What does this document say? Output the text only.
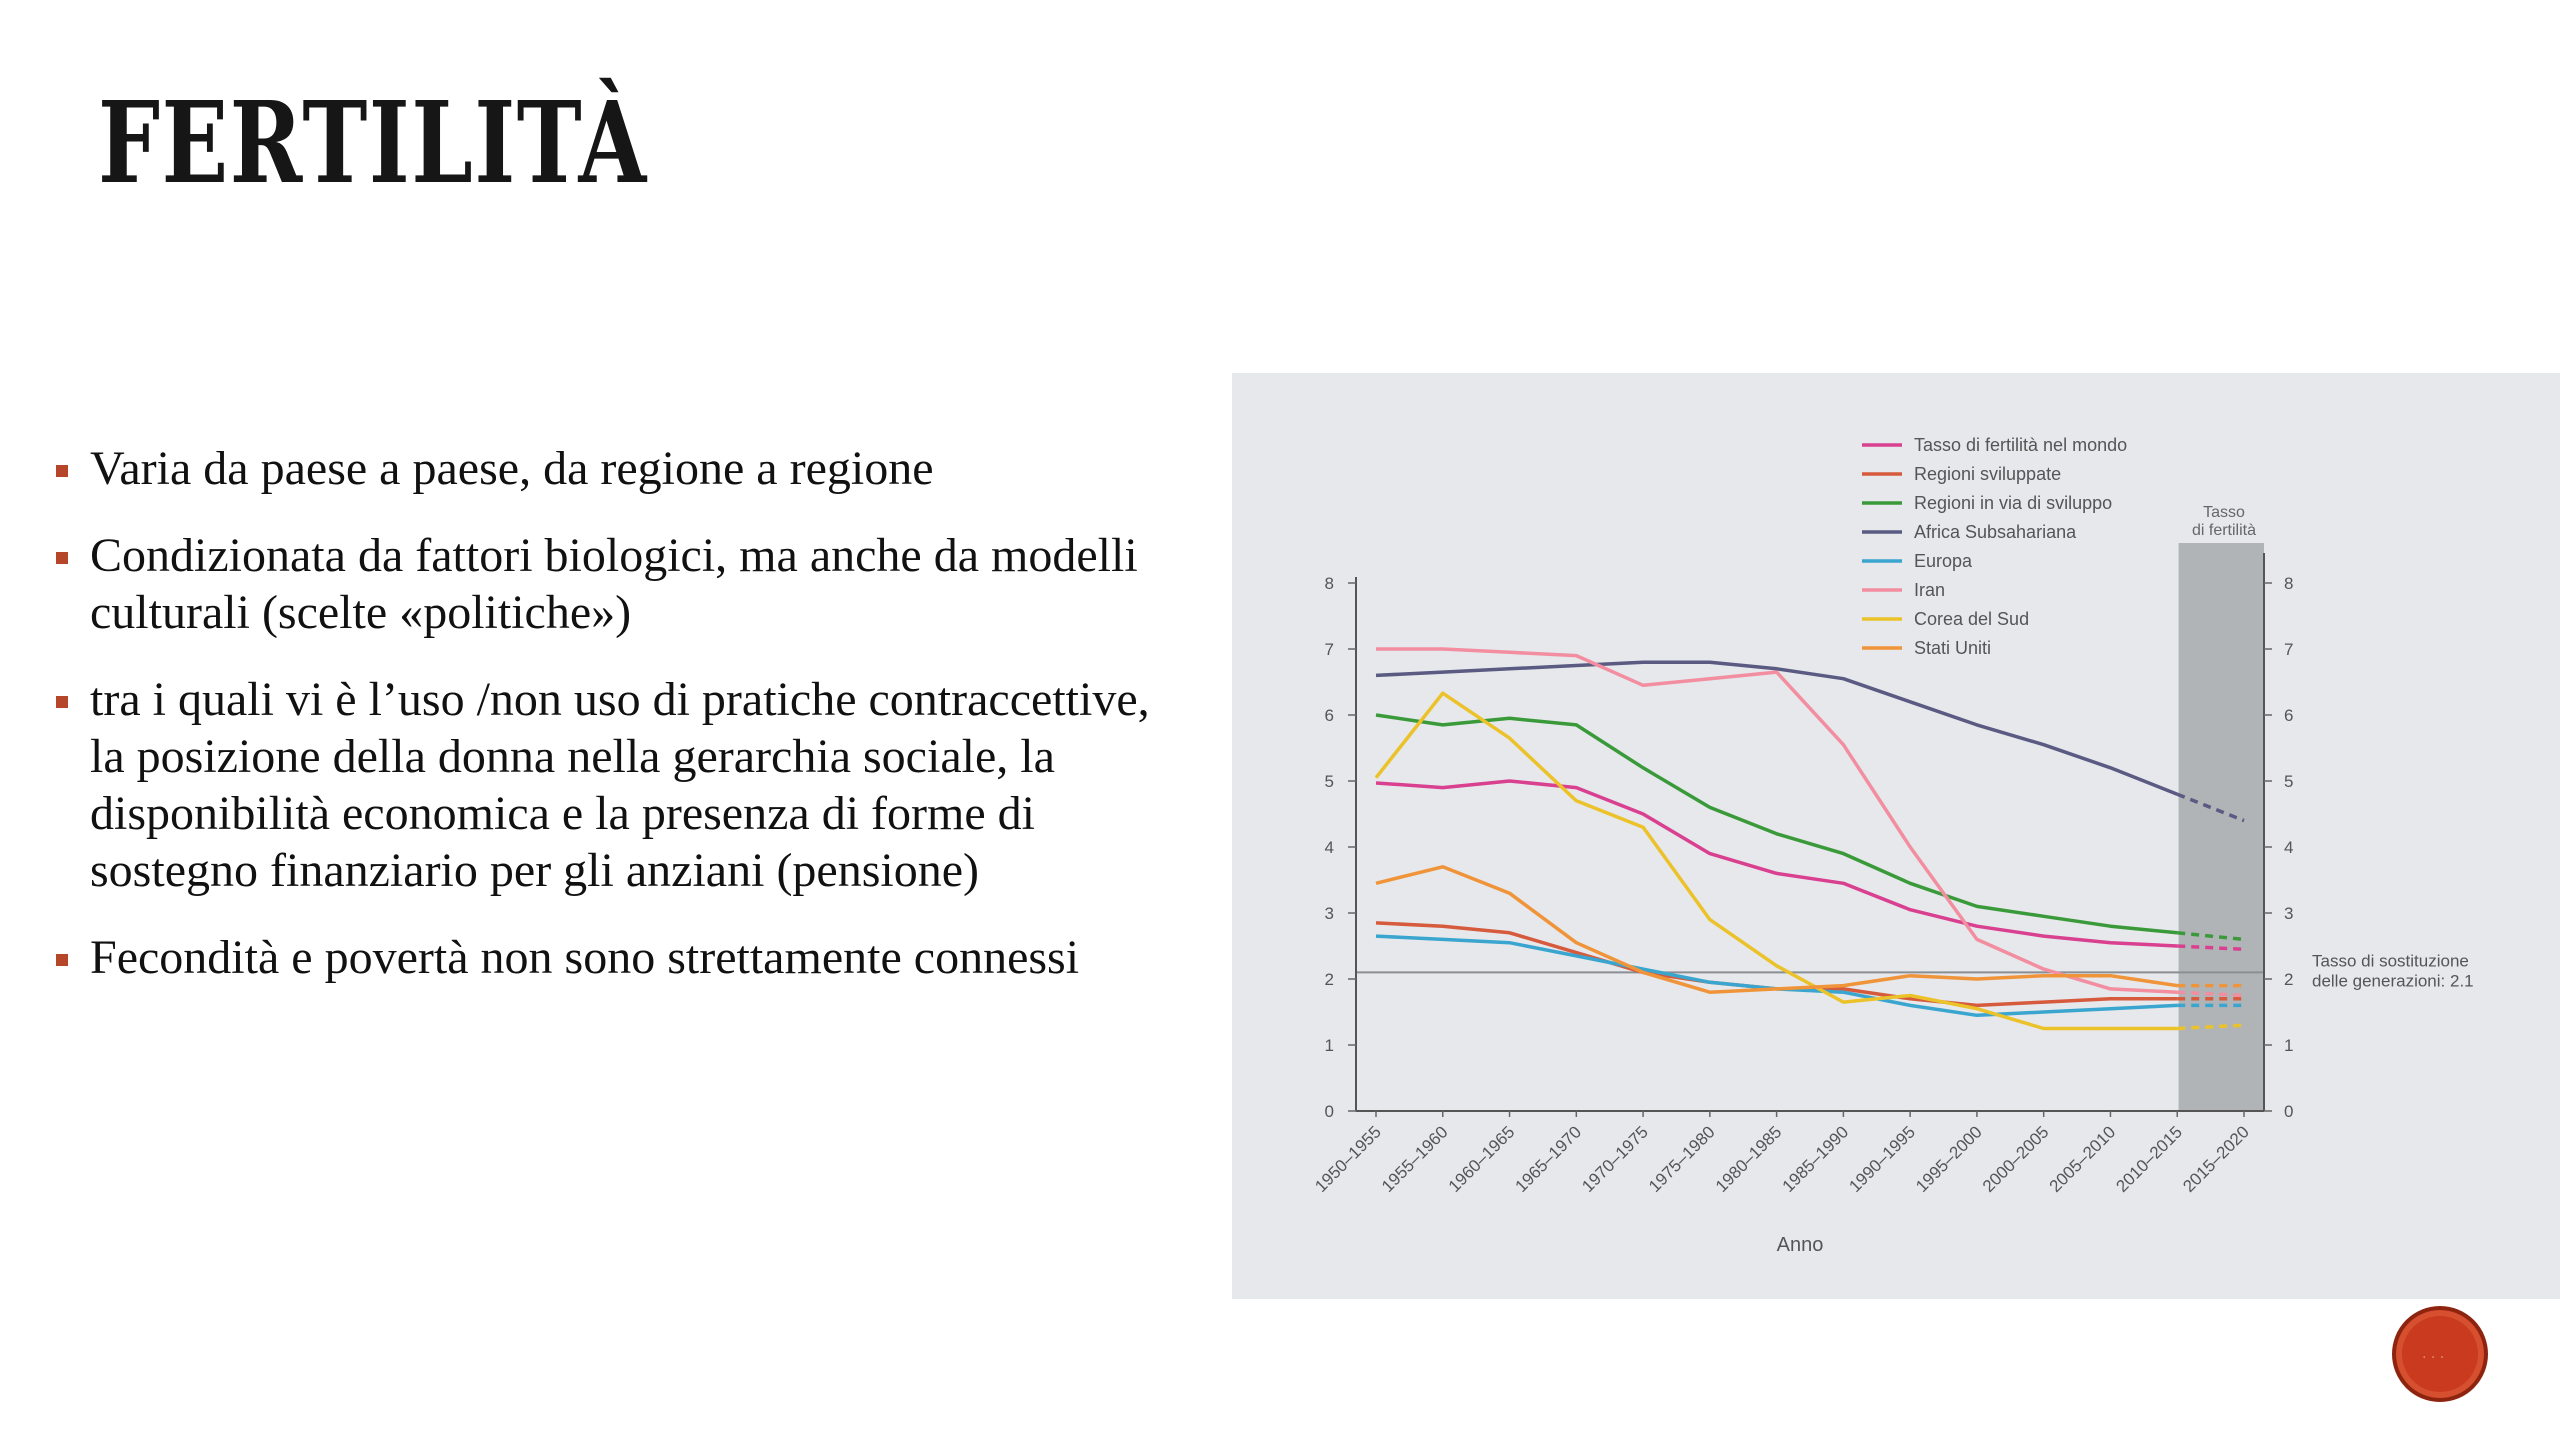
FERTILITÀ
Varia da paese a paese, da regione a regione
Condizionata da fattori biologici, ma anche da modelli culturali (scelte «politiche»)
tra i quali vi è l’uso /non uso di pratiche contraccettive, la posizione della donna nella gerarchia sociale, la disponibilità economica e la presenza di forme di sostegno finanziario per gli anziani (pensione)
Fecondità e povertà non sono strettamente connessi
0	0
1	1
2	2
3	3
4	4
5	5
6	6
7	7
8	8
Tasso di fertilità
1950–1955
1955–1960
1960–1965
1965–1970
1970–1975
1975–1980
1980–1985
1985–1990
1990–1995
1995–2000
2000–2005
2005–2010
2010–2015
2015–2020
Anno
Tasso di sostituzione delle generazioni: 2.1
Tasso di fertilità nel mondo
Regioni sviluppate
Regioni in via di sviluppo
Africa Subsahariana
Europa
Iran
Corea del Sud
Stati Uniti
· · ·
